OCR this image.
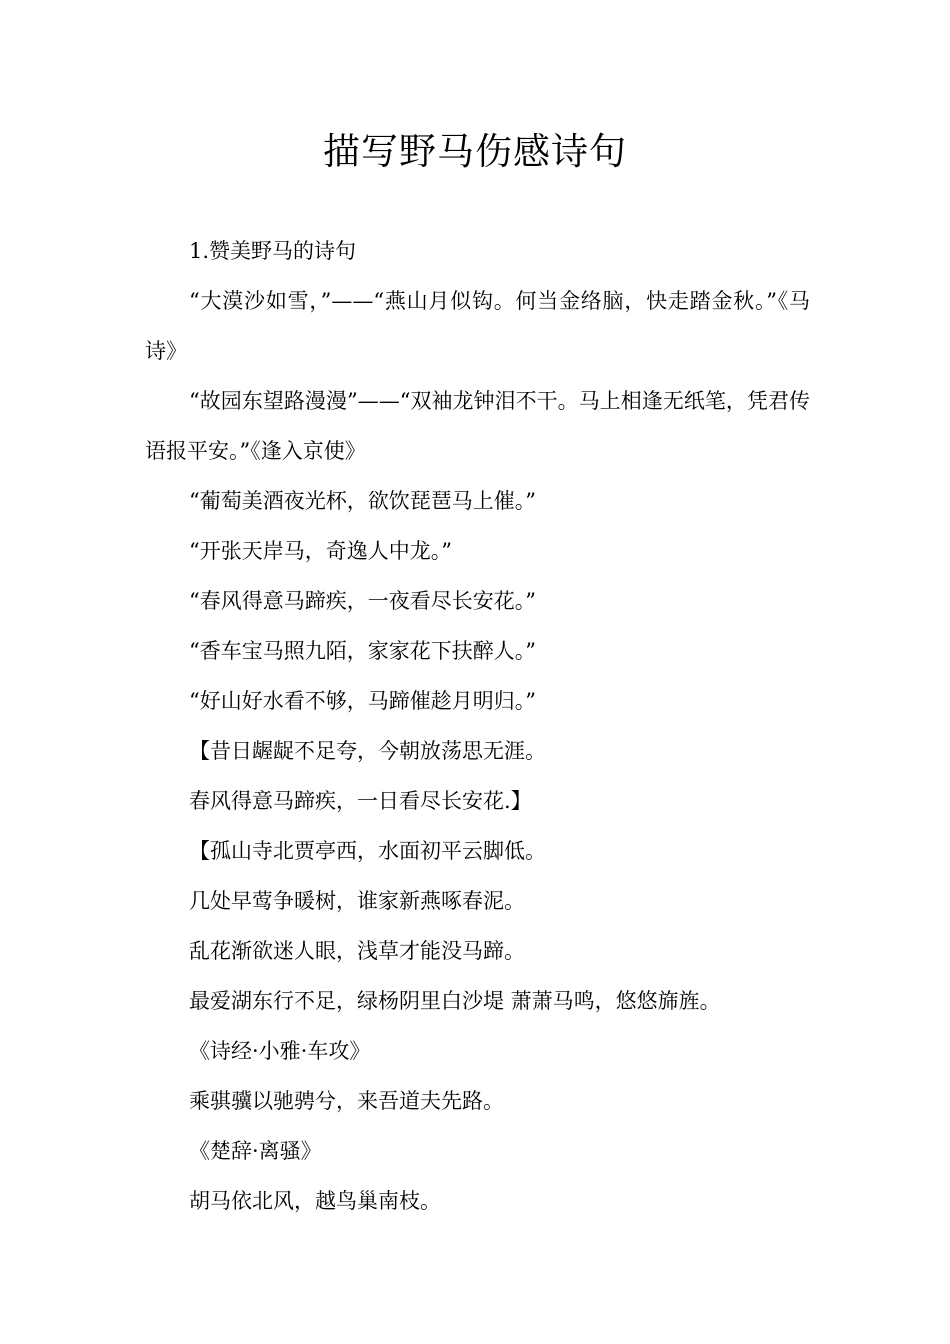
描写野马伤感诗句

1.赞美野马的诗句

“大漠沙如雪，”——“燕山月似钩。何当金络脑，快走踏金秋。”《马诗》

“故园东望路漫漫”——“双袖龙钟泪不干。马上相逢无纸笔，凭君传语报平安。”《逢入京使》

“葡萄美酒夜光杯，欲饮琵琶马上催。”

“开张天岸马，奇逸人中龙。”

“春风得意马蹄疾，一夜看尽长安花。”

“香车宝马照九陌，家家花下扶醉人。”

“好山好水看不够，马蹄催趁月明归。”

【昔日龌龊不足夸，今朝放荡思无涯。

春风得意马蹄疾，一日看尽长安花.】

【孤山寺北贾亭西，水面初平云脚低。

几处早莺争暖树，谁家新燕啄春泥。

乱花渐欲迷人眼，浅草才能没马蹄。

最爱湖东行不足，绿杨阴里白沙堤 萧萧马鸣，悠悠旆旌。

《诗经·小雅·车攻》

乘骐骥以驰骋兮，来吾道夫先路。

《楚辞·离骚》

胡马依北风，越鸟巢南枝。
